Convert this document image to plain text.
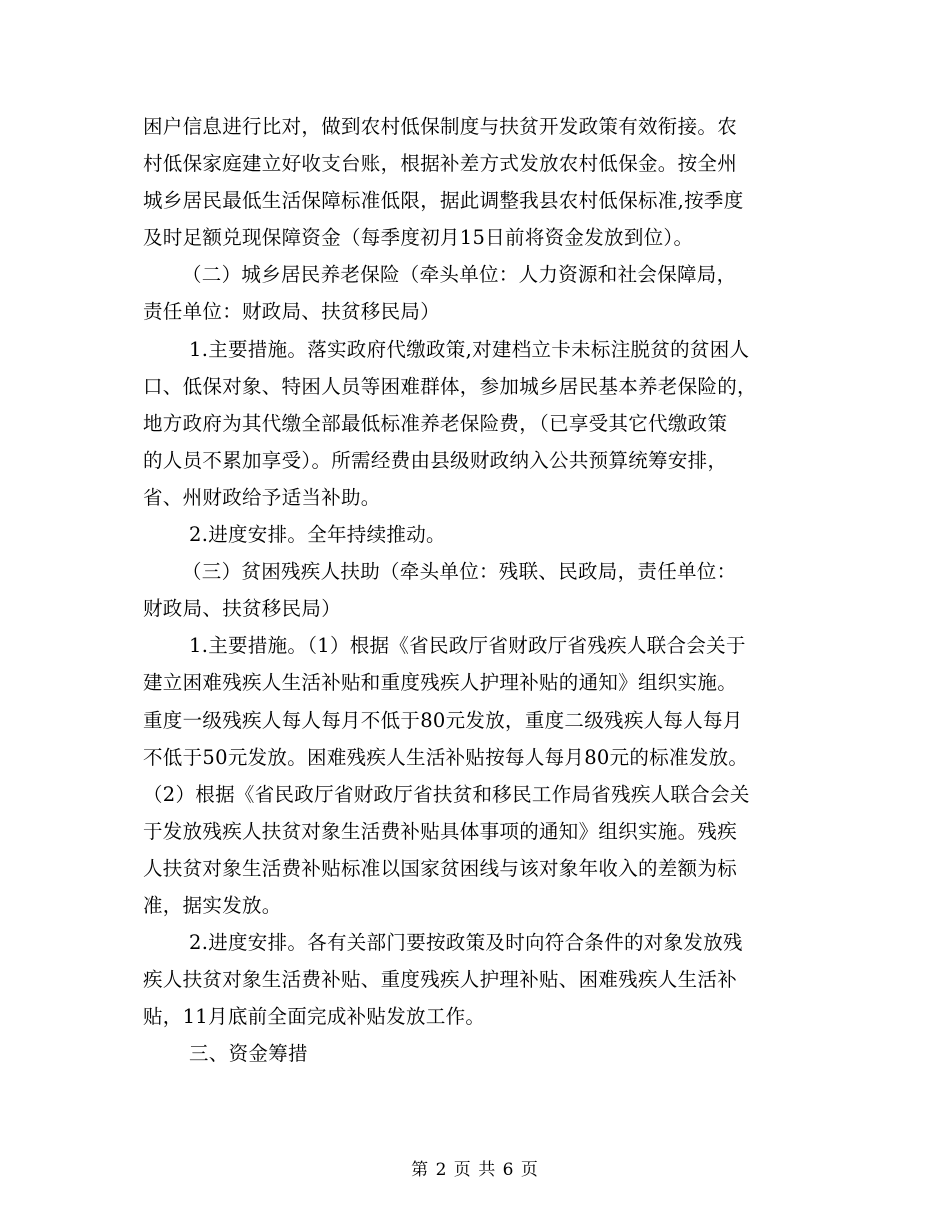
困户信息进行比对，做到农村低保制度与扶贫开发政策有效衔接。农
村低保家庭建立好收支台账，根据补差方式发放农村低保金。按全州
城乡居民最低生活保障标准低限，据此调整我县农村低保标准,按季度
及时足额兑现保障资金（每季度初月15日前将资金发放到位）。
（二）城乡居民养老保险（牵头单位：人力资源和社会保障局，
责任单位：财政局、扶贫移民局）
1.主要措施。落实政府代缴政策,对建档立卡未标注脱贫的贫困人
口、低保对象、特困人员等困难群体，参加城乡居民基本养老保险的，
地方政府为其代缴全部最低标准养老保险费，（已享受其它代缴政策
的人员不累加享受）。所需经费由县级财政纳入公共预算统筹安排，
省、州财政给予适当补助。
2.进度安排。全年持续推动。
（三）贫困残疾人扶助（牵头单位：残联、民政局，责任单位：
财政局、扶贫移民局）
1.主要措施。（1）根据《省民政厅省财政厅省残疾人联合会关于
建立困难残疾人生活补贴和重度残疾人护理补贴的通知》组织实施。
重度一级残疾人每人每月不低于80元发放，重度二级残疾人每人每月
不低于50元发放。困难残疾人生活补贴按每人每月80元的标准发放。
（2）根据《省民政厅省财政厅省扶贫和移民工作局省残疾人联合会关
于发放残疾人扶贫对象生活费补贴具体事项的通知》组织实施。残疾
人扶贫对象生活费补贴标准以国家贫困线与该对象年收入的差额为标
准，据实发放。
2.进度安排。各有关部门要按政策及时向符合条件的对象发放残
疾人扶贫对象生活费补贴、重度残疾人护理补贴、困难残疾人生活补
贴，11月底前全面完成补贴发放工作。
三、资金筹措
第 2 页 共 6 页
